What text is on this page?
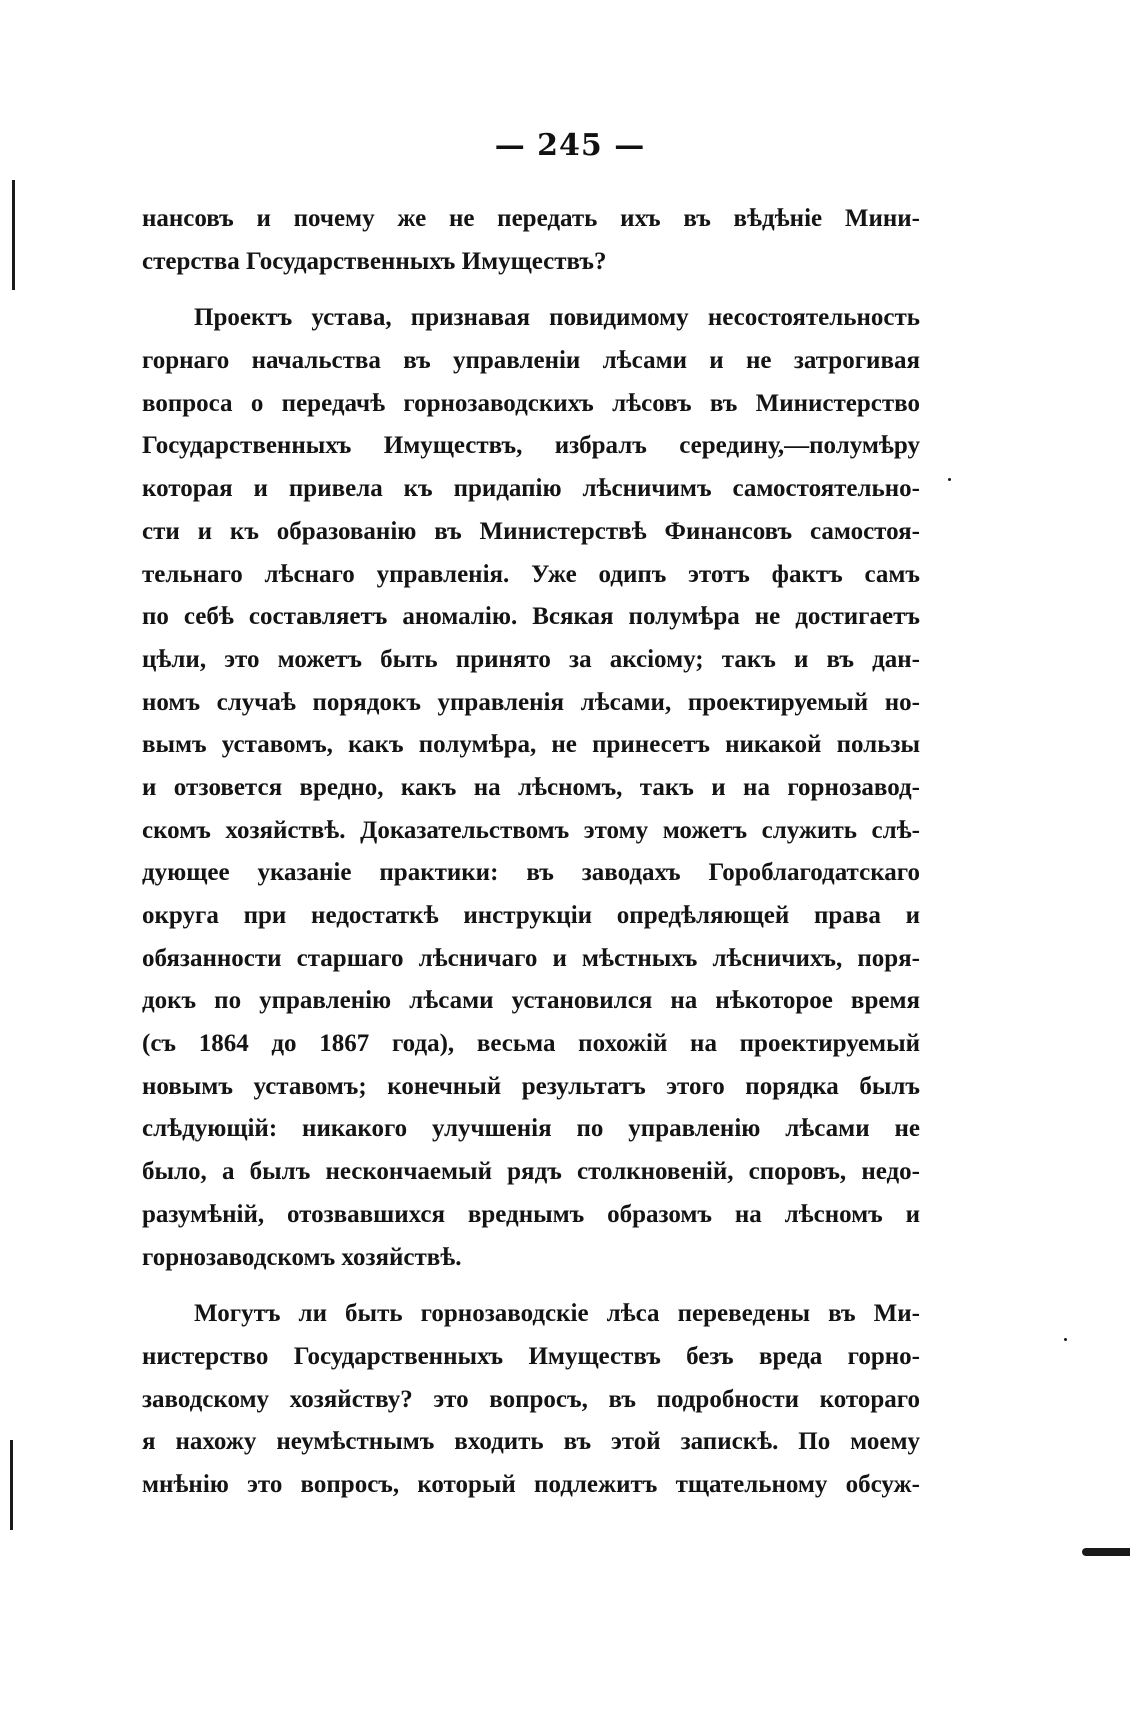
— 245 —
нансовъ и почему же не передать ихъ въ вѣдѣніе Мини-
стерства Государственныхъ Имуществъ?
Проектъ устава, признавая повидимому несостоятельность
горнаго начальства въ управленіи лѣсами и не затрогивая
вопроса о передачѣ горнозаводскихъ лѣсовъ въ Министерство
Государственныхъ Имуществъ, избралъ середину,—полумѣру
которая и привела къ придапію лѣсничимъ самостоятельно-
сти и къ образованію въ Министерствѣ Финансовъ самостоя-
тельнаго лѣснаго управленія. Уже одипъ этотъ фактъ самъ
по себѣ составляетъ аномалію. Всякая полумѣра не достигаетъ
цѣли, это можетъ быть принято за аксіому; такъ и въ дан-
номъ случаѣ порядокъ управленія лѣсами, проектируемый но-
вымъ уставомъ, какъ полумѣра, не принесетъ никакой пользы
и отзовется вредно, какъ на лѣсномъ, такъ и на горнозавод-
скомъ хозяйствѣ. Доказательствомъ этому можетъ служить слѣ-
дующее указаніе практики: въ заводахъ Гороблагодатскаго
округа при недостаткѣ инструкціи опредѣляющей права и
обязанности старшаго лѣсничаго и мѣстныхъ лѣсничихъ, поря-
докъ по управленію лѣсами установился на нѣкоторое время
(съ 1864 до 1867 года), весьма похожій на проектируемый
новымъ уставомъ; конечный результатъ этого порядка былъ
слѣдующій: никакого улучшенія по управленію лѣсами не
было, а былъ нескончаемый рядъ столкновеній, споровъ, недо-
разумѣній, отозвавшихся вреднымъ образомъ на лѣсномъ и
горнозаводскомъ хозяйствѣ.
Могутъ ли быть горнозаводскіе лѣса переведены въ Ми-
нистерство Государственныхъ Имуществъ безъ вреда горно-
заводскому хозяйству? это вопросъ, въ подробности котораго
я нахожу неумѣстнымъ входить въ этой запискѣ. По моему
мнѣнію это вопросъ, который подлежитъ тщательному обсуж-
